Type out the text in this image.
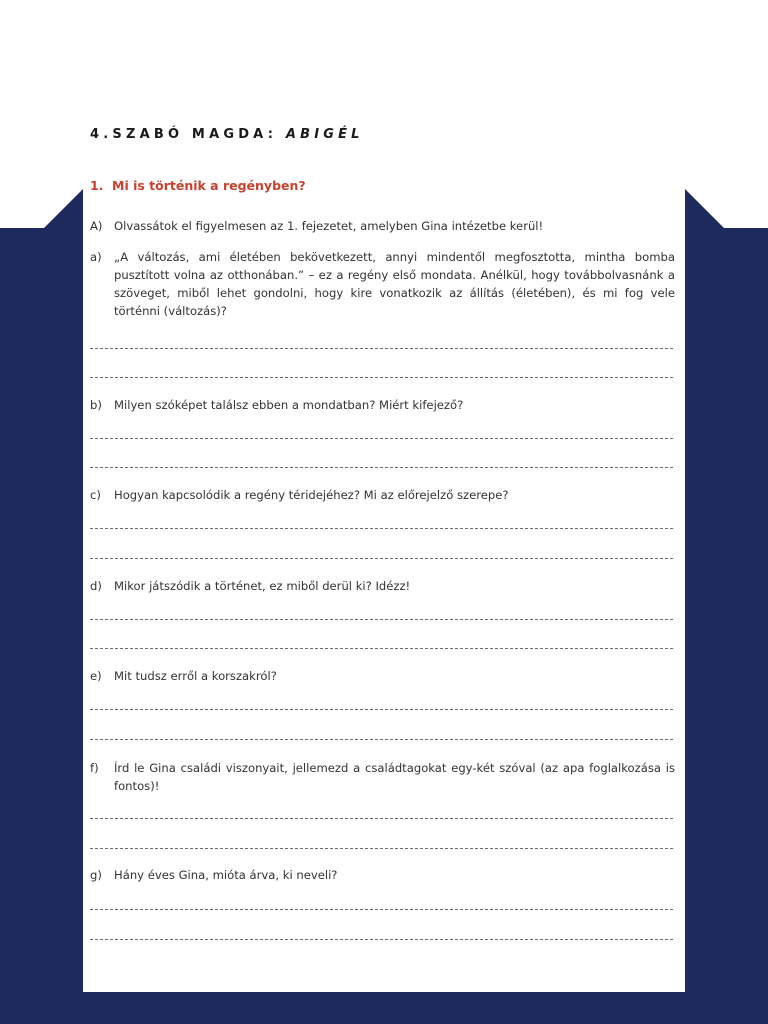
4.SZABÓ MAGDA: ABIGÉL
1. Mi is történik a regényben?
A) Olvassátok el figyelmesen az 1. fejezetet, amelyben Gina intézetbe kerül!
a)	„A változás, ami életében bekövetkezett, annyi mindentől megfosztotta, mintha bomba pusztított volna az otthonában.” – ez a regény első mondata. Anélkül, hogy továbbolvasnánk a szöveget, miből lehet gondolni, hogy kire vonatkozik az állítás (életében), és mi fog vele történni (változás)?
b)	Milyen szóképet találsz ebben a mondatban? Miért kifejező?
c)	Hogyan kapcsolódik a regény téridejéhez? Mi az előrejelző szerepe?
d)	Mikor játszódik a történet, ez miből derül ki? Idézz!
e)	Mit tudsz erről a korszakról?
f)	Írd le Gina családi viszonyait, jellemezd a családtagokat egy-két szóval (az apa foglalkozása is fontos)!
g)	Hány éves Gina, mióta árva, ki neveli?
